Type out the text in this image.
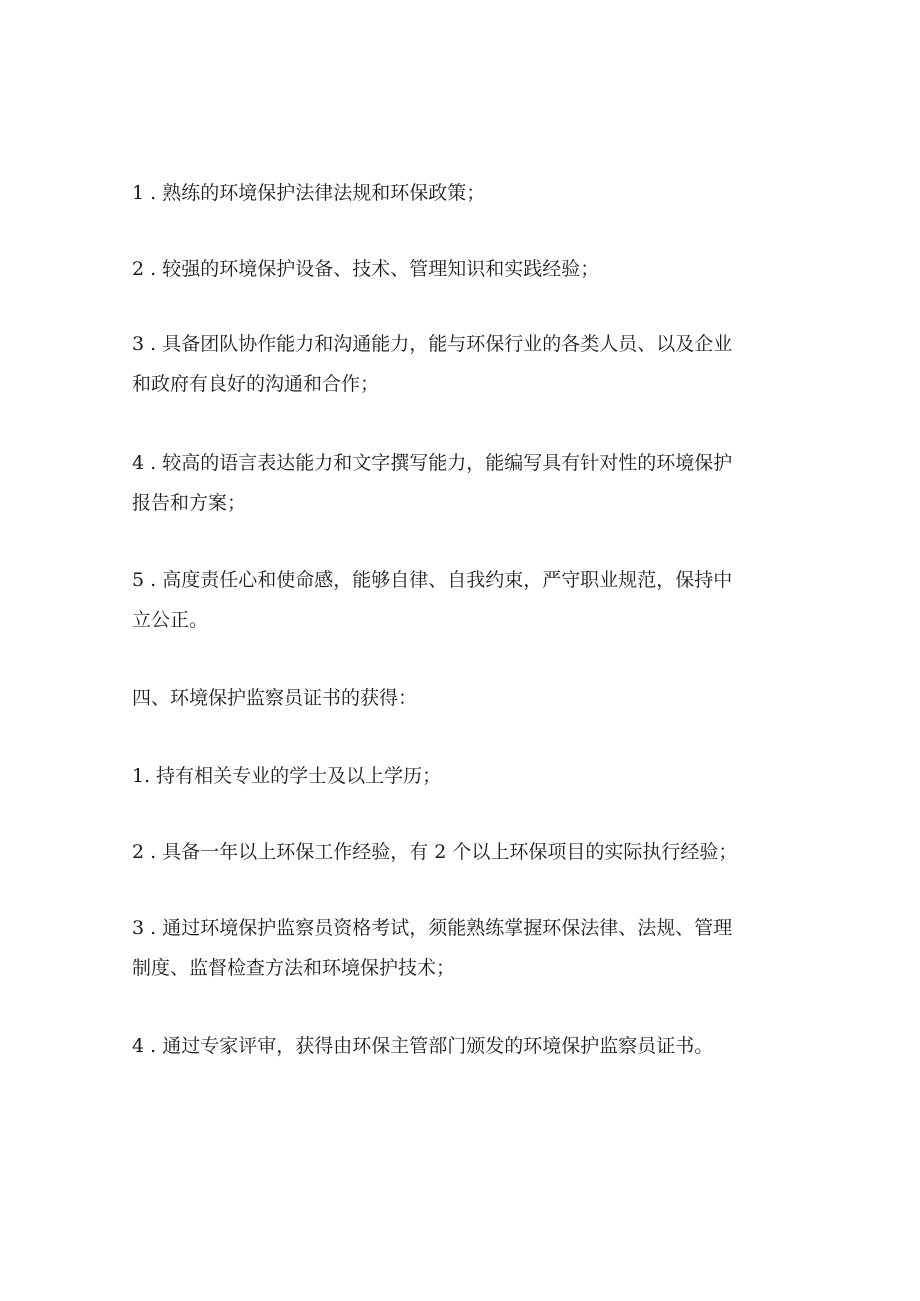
1 . 熟练的环境保护法律法规和环保政策；

2 . 较强的环境保护设备、技术、管理知识和实践经验；

3 . 具备团队协作能力和沟通能力，能与环保行业的各类人员、以及企业
和政府有良好的沟通和合作；

4 . 较高的语言表达能力和文字撰写能力，能编写具有针对性的环境保护
报告和方案；

5 . 高度责任心和使命感，能够自律、自我约束，严守职业规范，保持中
立公正。

四、环境保护监察员证书的获得：

1. 持有相关专业的学士及以上学历；

2 . 具备一年以上环保工作经验，有 2 个以上环保项目的实际执行经验；

3 . 通过环境保护监察员资格考试，须能熟练掌握环保法律、法规、管理
制度、监督检查方法和环境保护技术；

4 . 通过专家评审，获得由环保主管部门颁发的环境保护监察员证书。
